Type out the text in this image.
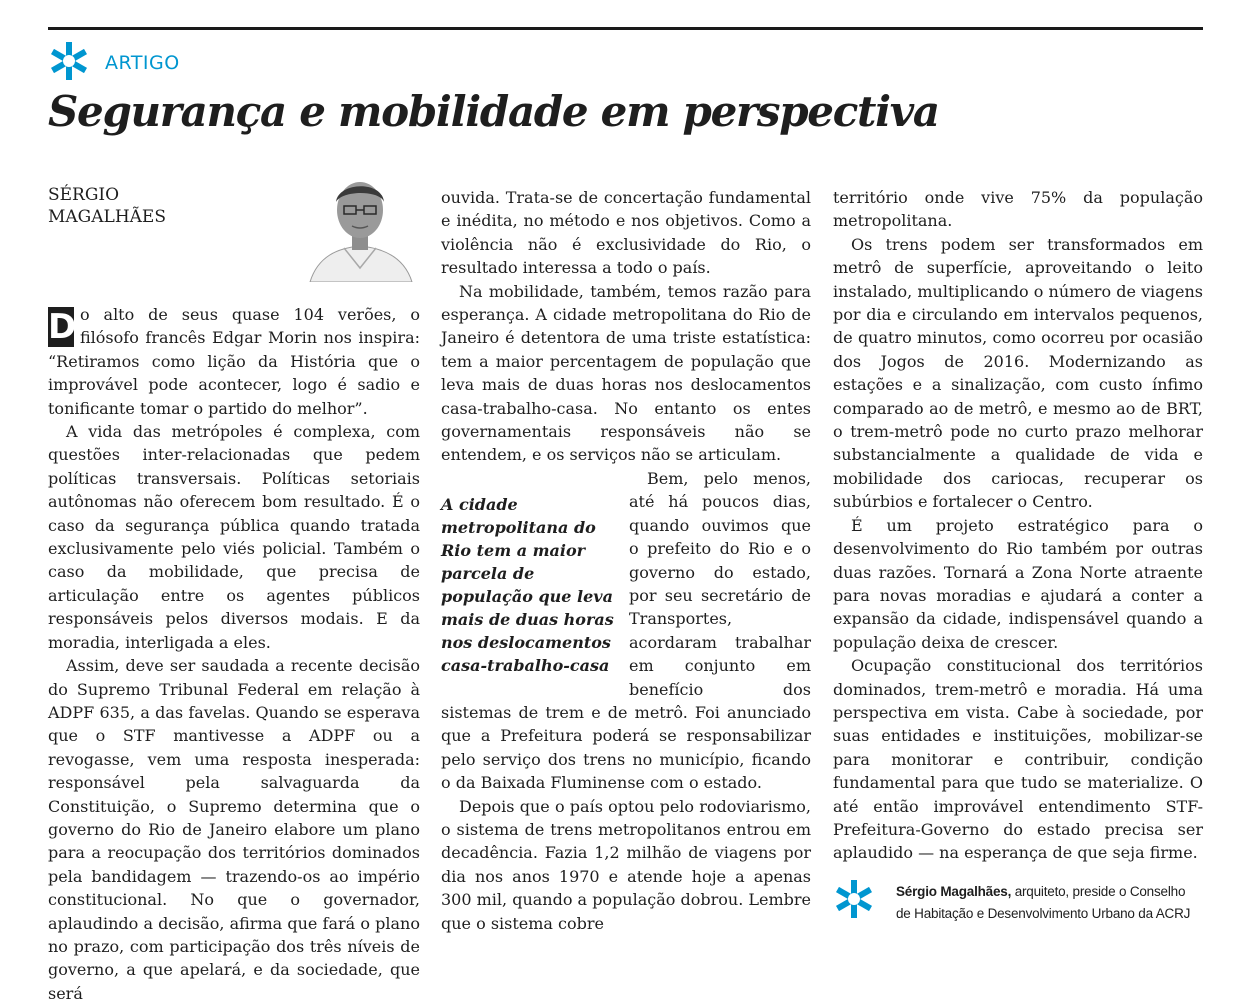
ARTIGO
Segurança e mobilidade em perspectiva
SÉRGIO
MAGALHÃES

D o alto de seus quase 104 verões, o filósofo francês Edgar Morin nos inspira: “Retiramos como lição da História que o improvável pode acontecer, logo é sadio e tonificante tomar o partido do melhor”.

A vida das metrópoles é complexa, com questões inter-relacionadas que pedem políticas transversais. Políticas setoriais autônomas não oferecem bom resultado. É o caso da segurança pública quando tratada exclusivamente pelo viés policial. Também o caso da mobilidade, que precisa de articulação entre os agentes públicos responsáveis pelos diversos modais. E da moradia, interligada a eles.

Assim, deve ser saudada a recente decisão do Supremo Tribunal Federal em relação à ADPF 635, a das favelas. Quando se esperava que o STF mantivesse a ADPF ou a revogasse, vem uma resposta inesperada: responsável pela salvaguarda da Constituição, o Supremo determina que o governo do Rio de Janeiro elabore um plano para a reocupação dos territórios dominados pela bandidagem — trazendo-os ao império constitucional. No que o governador, aplaudindo a decisão, afirma que fará o plano no prazo, com participação dos três níveis de governo, a que apelará, e da sociedade, que será

ouvida. Trata-se de concertação fundamental e inédita, no método e nos objetivos. Como a violência não é exclusividade do Rio, o resultado interessa a todo o país.

Na mobilidade, também, temos razão para esperança. A cidade metropolitana do Rio de Janeiro é detentora de uma triste estatística: tem a maior percentagem de população que leva mais de duas horas nos deslocamentos casa-trabalho-casa. No entanto os entes governamentais responsáveis não se entendem, e os serviços não se articulam.

A cidade
metropolitana do
Rio tem a maior
parcela de
população que leva
mais de duas horas
nos deslocamentos
casa-trabalho-casa

Bem, pelo menos, até há poucos dias, quando ouvimos que o prefeito do Rio e o governo do estado, por seu secretário de Transportes, acordaram trabalhar em conjunto em benefício dos sistemas de trem e de metrô. Foi anunciado que a Prefeitura poderá se responsabilizar pelo serviço dos trens no município, ficando o da Baixada Fluminense com o estado.

Depois que o país optou pelo rodoviarismo, o sistema de trens metropolitanos entrou em decadência. Fazia 1,2 milhão de viagens por dia nos anos 1970 e atende hoje a apenas 300 mil, quando a população dobrou. Lembre que o sistema cobre

território onde vive 75% da população metropolitana.

Os trens podem ser transformados em metrô de superfície, aproveitando o leito instalado, multiplicando o número de viagens por dia e circulando em intervalos pequenos, de quatro minutos, como ocorreu por ocasião dos Jogos de 2016. Modernizando as estações e a sinalização, com custo ínfimo comparado ao de metrô, e mesmo ao de BRT, o trem-metrô pode no curto prazo melhorar substancialmente a qualidade de vida e mobilidade dos cariocas, recuperar os subúrbios e fortalecer o Centro.

É um projeto estratégico para o desenvolvimento do Rio também por outras duas razões. Tornará a Zona Norte atraente para novas moradias e ajudará a conter a expansão da cidade, indispensável quando a população deixa de crescer.

Ocupação constitucional dos territórios dominados, trem-metrô e moradia. Há uma perspectiva em vista. Cabe à sociedade, por suas entidades e instituições, mobilizar-se para monitorar e contribuir, condição fundamental para que tudo se materialize. O até então improvável entendimento STF-Prefeitura-Governo do estado precisa ser aplaudido — na esperança de que seja firme.

Sérgio Magalhães, arquiteto, preside o Conselho
de Habitação e Desenvolvimento Urbano da ACRJ
